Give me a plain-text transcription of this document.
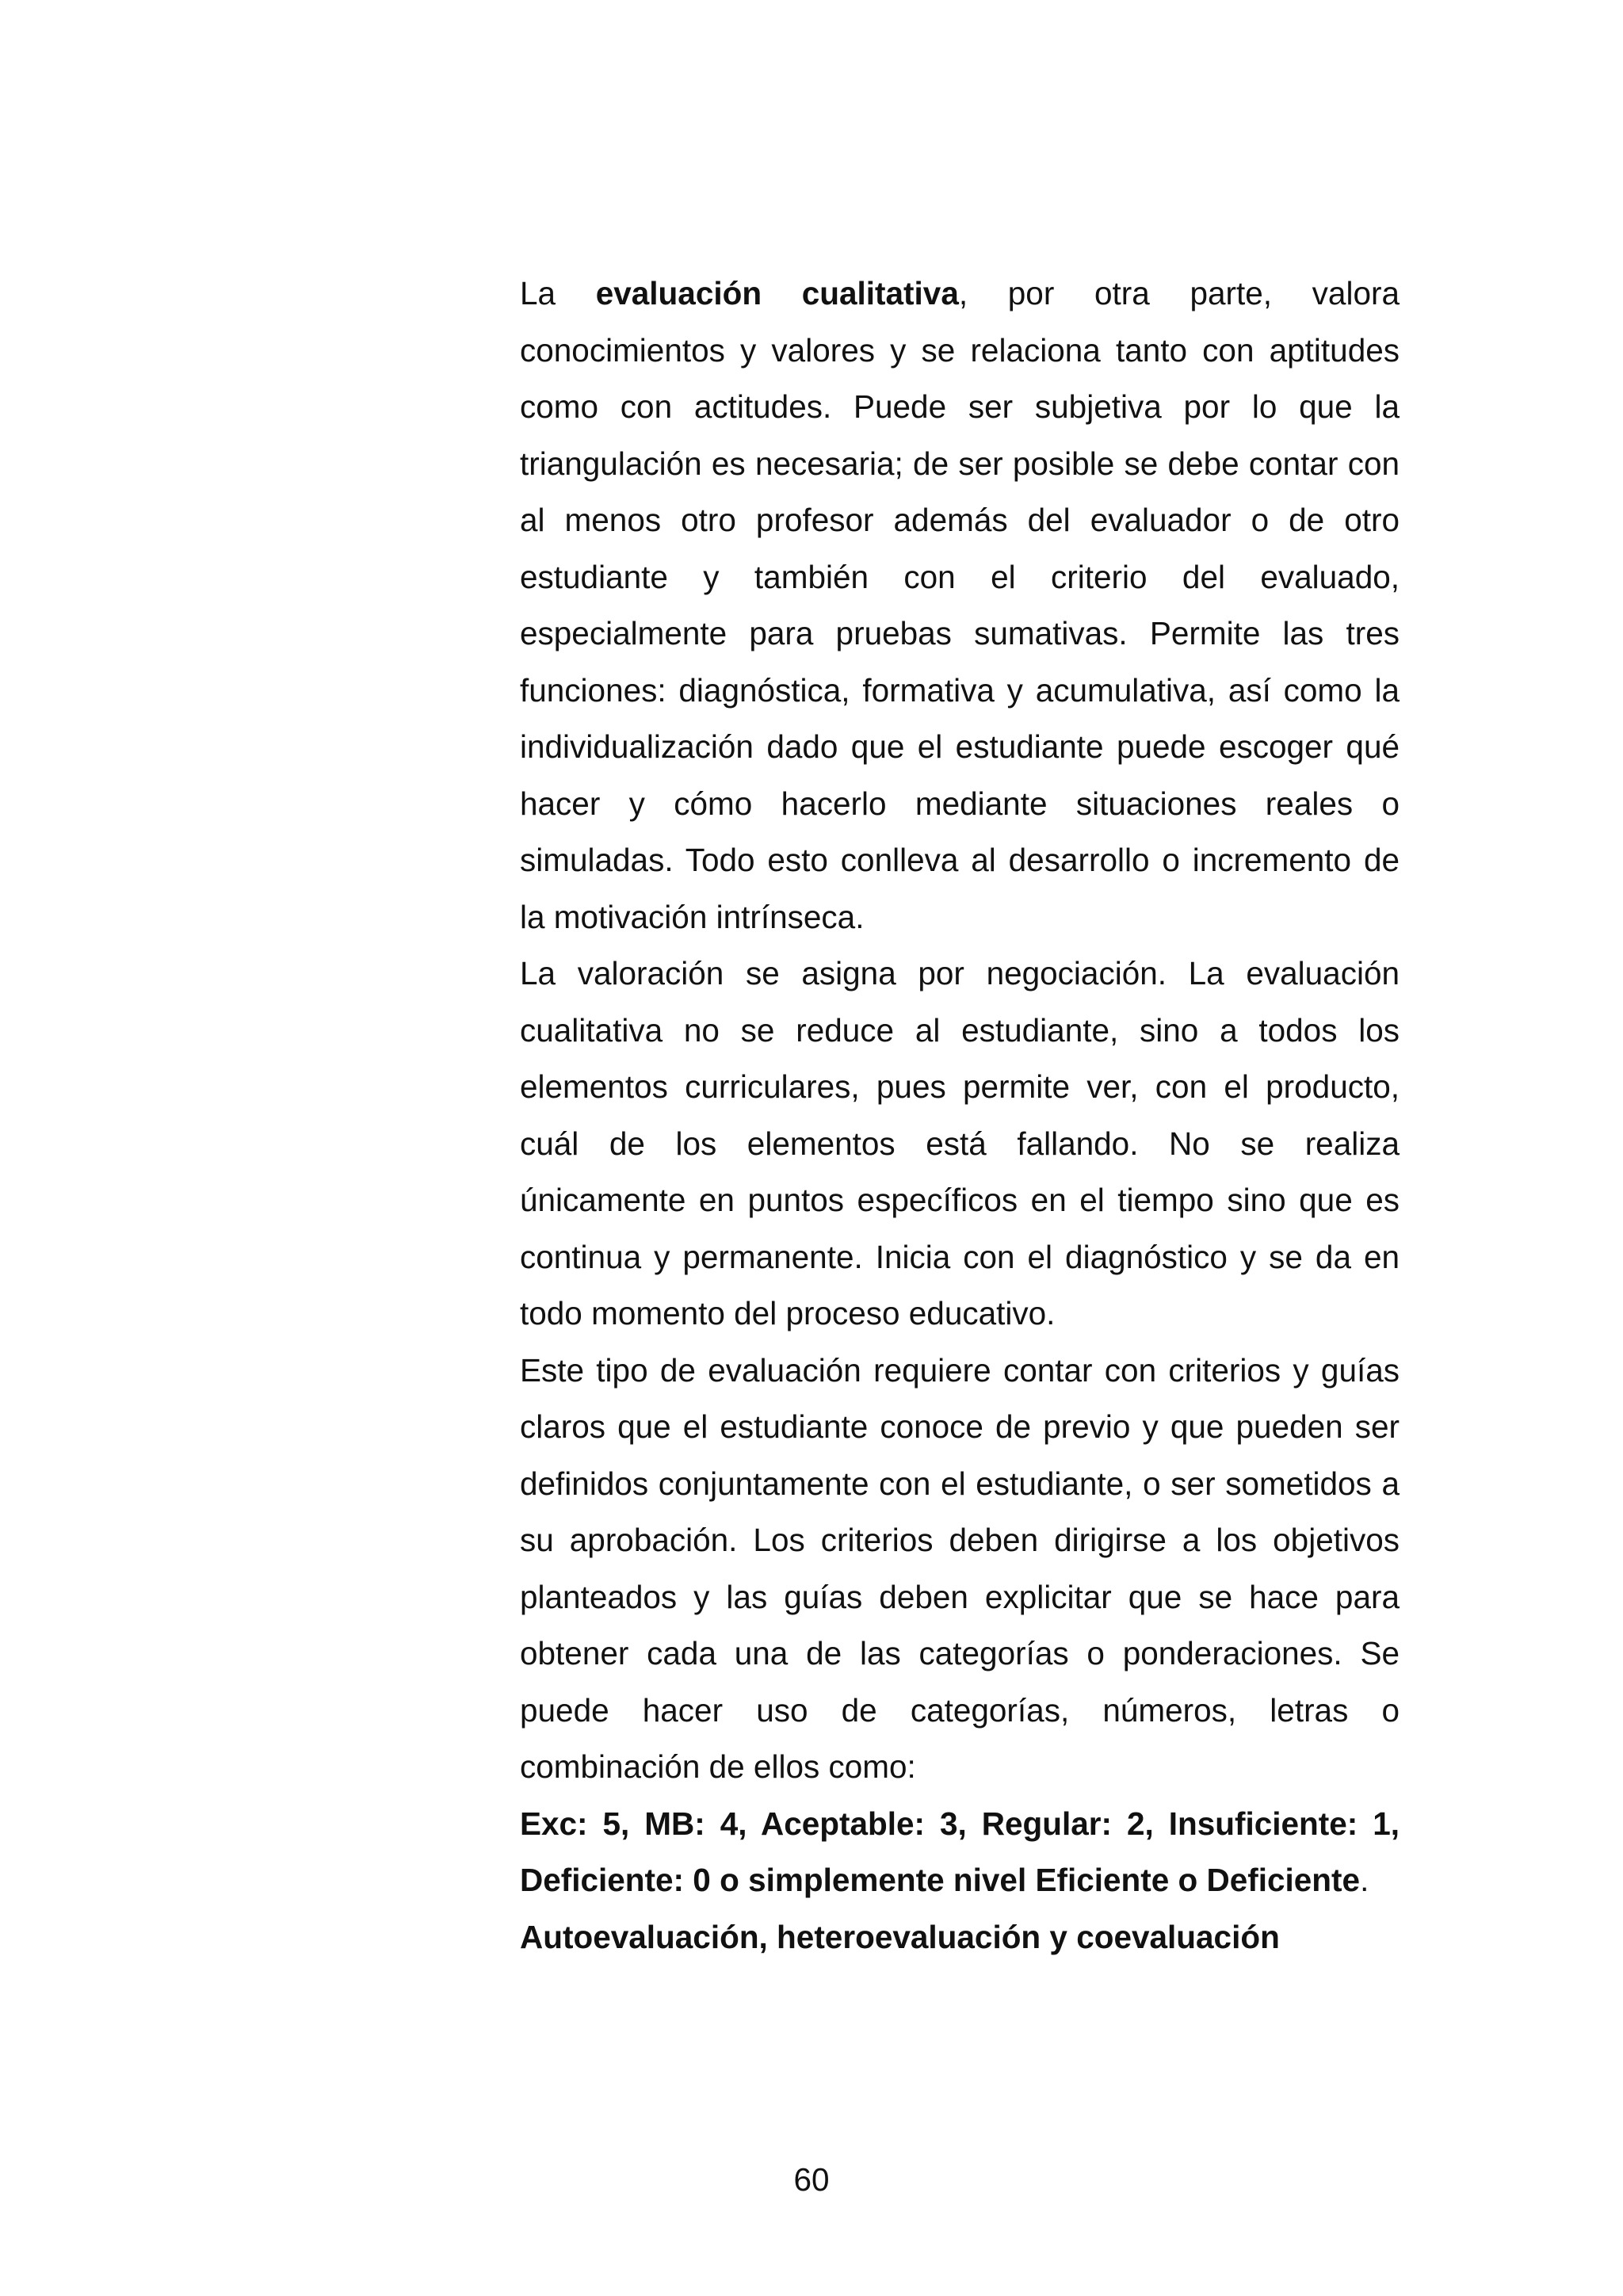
La evaluación cualitativa, por otra parte, valora conocimientos y valores y se relaciona tanto con aptitudes como con actitudes. Puede ser subjetiva por lo que la triangulación es necesaria; de ser posible se debe contar con al menos otro profesor además del evaluador o de otro estudiante y también con el criterio del evaluado, especialmente para pruebas sumativas. Permite las tres funciones: diagnóstica, formativa y acumulativa, así como la individualización dado que el estudiante puede escoger qué hacer y cómo hacerlo mediante situaciones reales o simuladas. Todo esto conlleva al desarrollo o incremento de la motivación intrínseca.

La valoración se asigna por negociación. La evaluación cualitativa no se reduce al estudiante, sino a todos los elementos curriculares, pues permite ver, con el producto, cuál de los elementos está fallando. No se realiza únicamente en puntos específicos en el tiempo sino que es continua y permanente. Inicia con el diagnóstico y se da en todo momento del proceso educativo.

Este tipo de evaluación requiere contar con criterios y guías claros que el estudiante conoce de previo y que pueden ser definidos conjuntamente con el estudiante, o ser sometidos a su aprobación. Los criterios deben dirigirse a los objetivos planteados y las guías deben explicitar que se hace para obtener cada una de las categorías o ponderaciones. Se puede hacer uso de categorías, números, letras o combinación de ellos como:

Exc: 5, MB: 4, Aceptable: 3, Regular: 2, Insuficiente: 1, Deficiente: 0 o simplemente nivel Eficiente o Deficiente.

Autoevaluación, heteroevaluación y coevaluación

60
